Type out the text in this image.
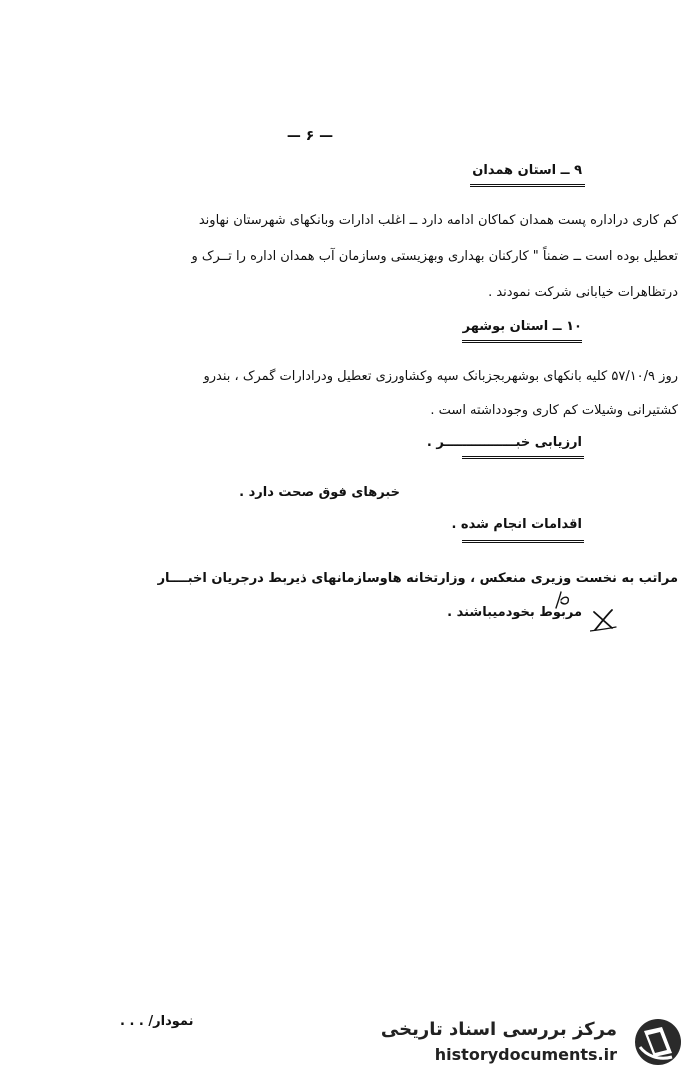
— ۶ —
۹ ــ استان همدان
کم کاری دراداره پست همدان کماکان ادامه دارد ــ اغلب ادارات وبانکهای شهرستان نهاوند
تعطیل بوده است ــ ضمناً " کارکنان بهداری وبهزیستی وسازمان آب همدان اداره را تــرک و
درتظاهرات خیابانی شرکت نمودند .
۱۰ ــ استان بوشهر
روز ۵۷/۱۰/۹ کلیه بانکهای بوشهربجزبانک سپه وکشاورزی تعطیل ودرادارات گمرک ، بندرو
کشتیرانی وشیلات کم کاری وجودداشته است .
ارزیابی خبــــــــــــــــر .
خبرهای فوق صحت دارد .
اقدامات انجام شده .
مراتب به نخست وزیری منعکس ، وزارتخانه هاوسازمانهای ذیربط درجریان اخبــــار
مربوط بخودمیباشند .
نمودار/ . . .	مرکز بررسی اسناد تاریخی
historydocuments.ir
